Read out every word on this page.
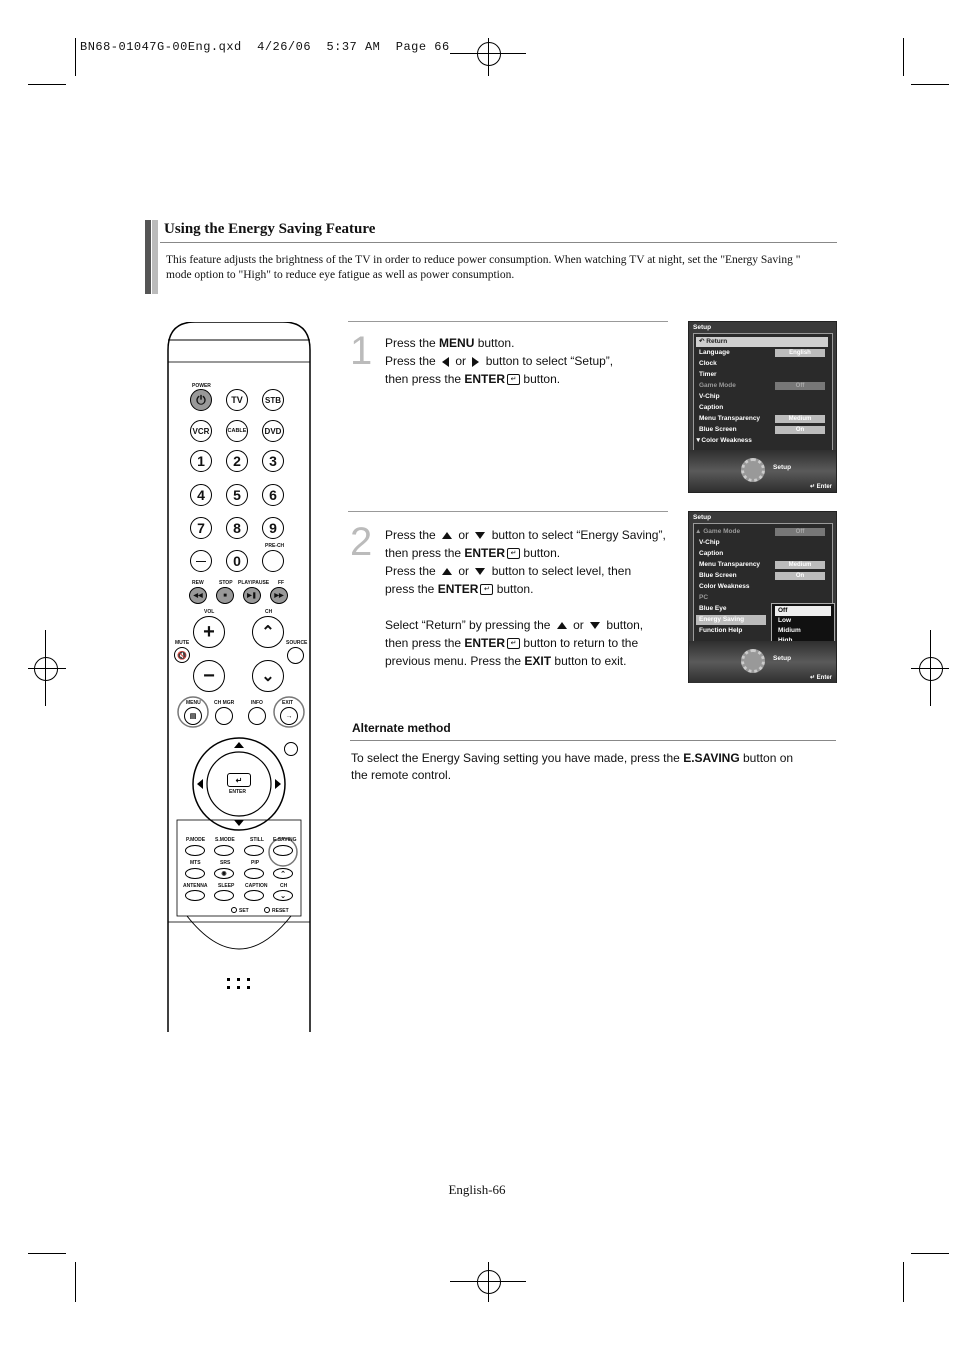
BN68-01047G-00Eng.qxd  4/26/06  5:37 AM  Page 66
Using the Energy Saving Feature
This feature adjusts the brightness of the TV in order to reduce power consumption. When watching TV at night, set the "Energy Saving " mode option to "High" to reduce eye fatigue as well as power consumption.
1 Press the MENU button.
Press the  or  button to select “Setup”,
then press the ENTER ↵ button.
2 Press the  or  button to select “Energy Saving”,
then press the ENTER ↵ button.
Press the  or  button to select level, then
press the ENTER ↵ button.
Select “Return” by pressing the  or  button,
then press the ENTER ↵ button to return to the
previous menu. Press the EXIT button to exit.
Setup
↶ Return
Language	English
Clock
Timer
Game Mode	Off
V-Chip
Caption
Menu Transparency	Medium
Blue Screen	On
▼Color Weakness
Setup
↵ Enter
Setup
▲ Game Mode	Off
V-Chip
Caption
Menu Transparency	Medium
Blue Screen	On
Color Weakness
PC
Blue Eye
Energy Saving
Function Help
Off
Low
Midium
Setup
↵ Enter
Alternate method
To select the Energy Saving setting you have made, press the E.SAVING button on the remote control.
POWER
⏻	TV	STB
VCR	CABLE	DVD
1	2	3
4	5	6
7	8	9
—	0
PRE-CH
REW	STOP PLAY/PAUSE FF
◀◀	■	▶❚	▶▶
VOL	CH
+	⌃
MUTE
🔇
SOURCE
−	⌄
MENU	CH MGR	INFO	EXIT
▤	→
↵
ENTER
P.MODE S.MODE	STILL E.SAVING
MTS	SRS	PIP
◉	⌃
ANTENNA SLEEP CAPTION	CH
⌄
SET	RESET
English-66
